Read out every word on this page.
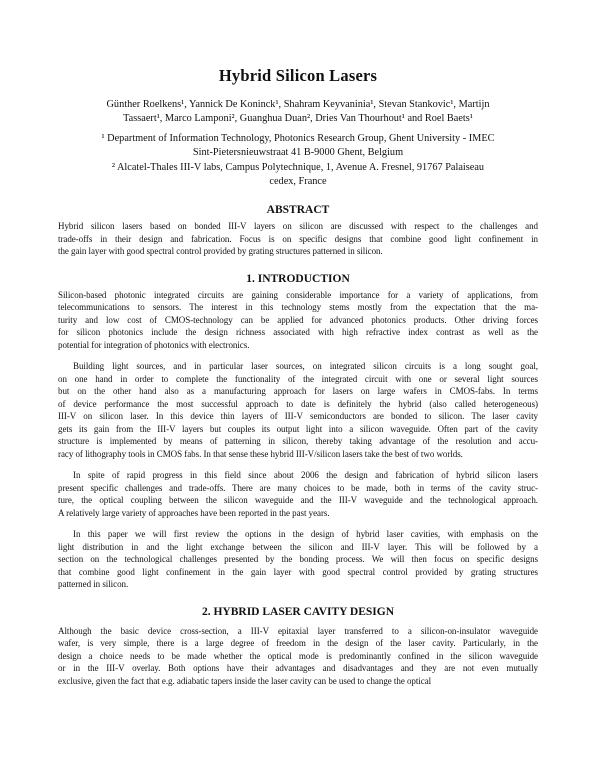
Hybrid Silicon Lasers
Günther Roelkens¹, Yannick De Koninck¹, Shahram Keyvaninia¹, Stevan Stankovic¹, Martijn
Tassaert¹, Marco Lamponi², Guanghua Duan², Dries Van Thourhout¹ and Roel Baets¹
¹ Department of Information Technology, Photonics Research Group, Ghent University - IMEC
Sint-Pietersnieuwstraat 41 B-9000 Ghent, Belgium
² Alcatel-Thales III-V labs, Campus Polytechnique, 1, Avenue A. Fresnel, 91767 Palaiseau
cedex, France
ABSTRACT
Hybrid silicon lasers based on bonded III-V layers on silicon are discussed with respect to the challenges and
trade-offs in their design and fabrication. Focus is on specific designs that combine good light confinement in
the gain layer with good spectral control provided by grating structures patterned in silicon.
1. INTRODUCTION
Silicon-based photonic integrated circuits are gaining considerable importance for a variety of applications, from
telecommunications to sensors. The interest in this technology stems mostly from the expectation that the ma-
turity and low cost of CMOS-technology can be applied for advanced photonics products. Other driving forces
for silicon photonics include the design richness associated with high refractive index contrast as well as the
potential for integration of photonics with electronics.
Building light sources, and in particular laser sources, on integrated silicon circuits is a long sought goal,
on one hand in order to complete the functionality of the integrated circuit with one or several light sources
but on the other hand also as a manufacturing approach for lasers on large wafers in CMOS-fabs. In terms
of device performance the most successful approach to date is definitely the hybrid (also called heterogeneous)
III-V on silicon laser. In this device thin layers of III-V semiconductors are bonded to silicon. The laser cavity
gets its gain from the III-V layers but couples its output light into a silicon waveguide. Often part of the cavity
structure is implemented by means of patterning in silicon, thereby taking advantage of the resolution and accu-
racy of lithography tools in CMOS fabs. In that sense these hybrid III-V/silicon lasers take the best of two worlds.
In spite of rapid progress in this field since about 2006 the design and fabrication of hybrid silicon lasers
present specific challenges and trade-offs. There are many choices to be made, both in terms of the cavity struc-
ture, the optical coupling between the silicon waveguide and the III-V waveguide and the technological approach.
A relatively large variety of approaches have been reported in the past years.
In this paper we will first review the options in the design of hybrid laser cavities, with emphasis on the
light distribution in and the light exchange between the silicon and III-V layer. This will be followed by a
section on the technological challenges presented by the bonding process. We will then focus on specific designs
that combine good light confinement in the gain layer with good spectral control provided by grating structures
patterned in silicon.
2. HYBRID LASER CAVITY DESIGN
Although the basic device cross-section, a III-V epitaxial layer transferred to a silicon-on-insulator waveguide
wafer, is very simple, there is a large degree of freedom in the design of the laser cavity. Particularly, in the
design a choice needs to be made whether the optical mode is predominantly confined in the silicon waveguide
or in the III-V overlay. Both options have their advantages and disadvantages and they are not even mutually
exclusive, given the fact that e.g. adiabatic tapers inside the laser cavity can be used to change the optical
